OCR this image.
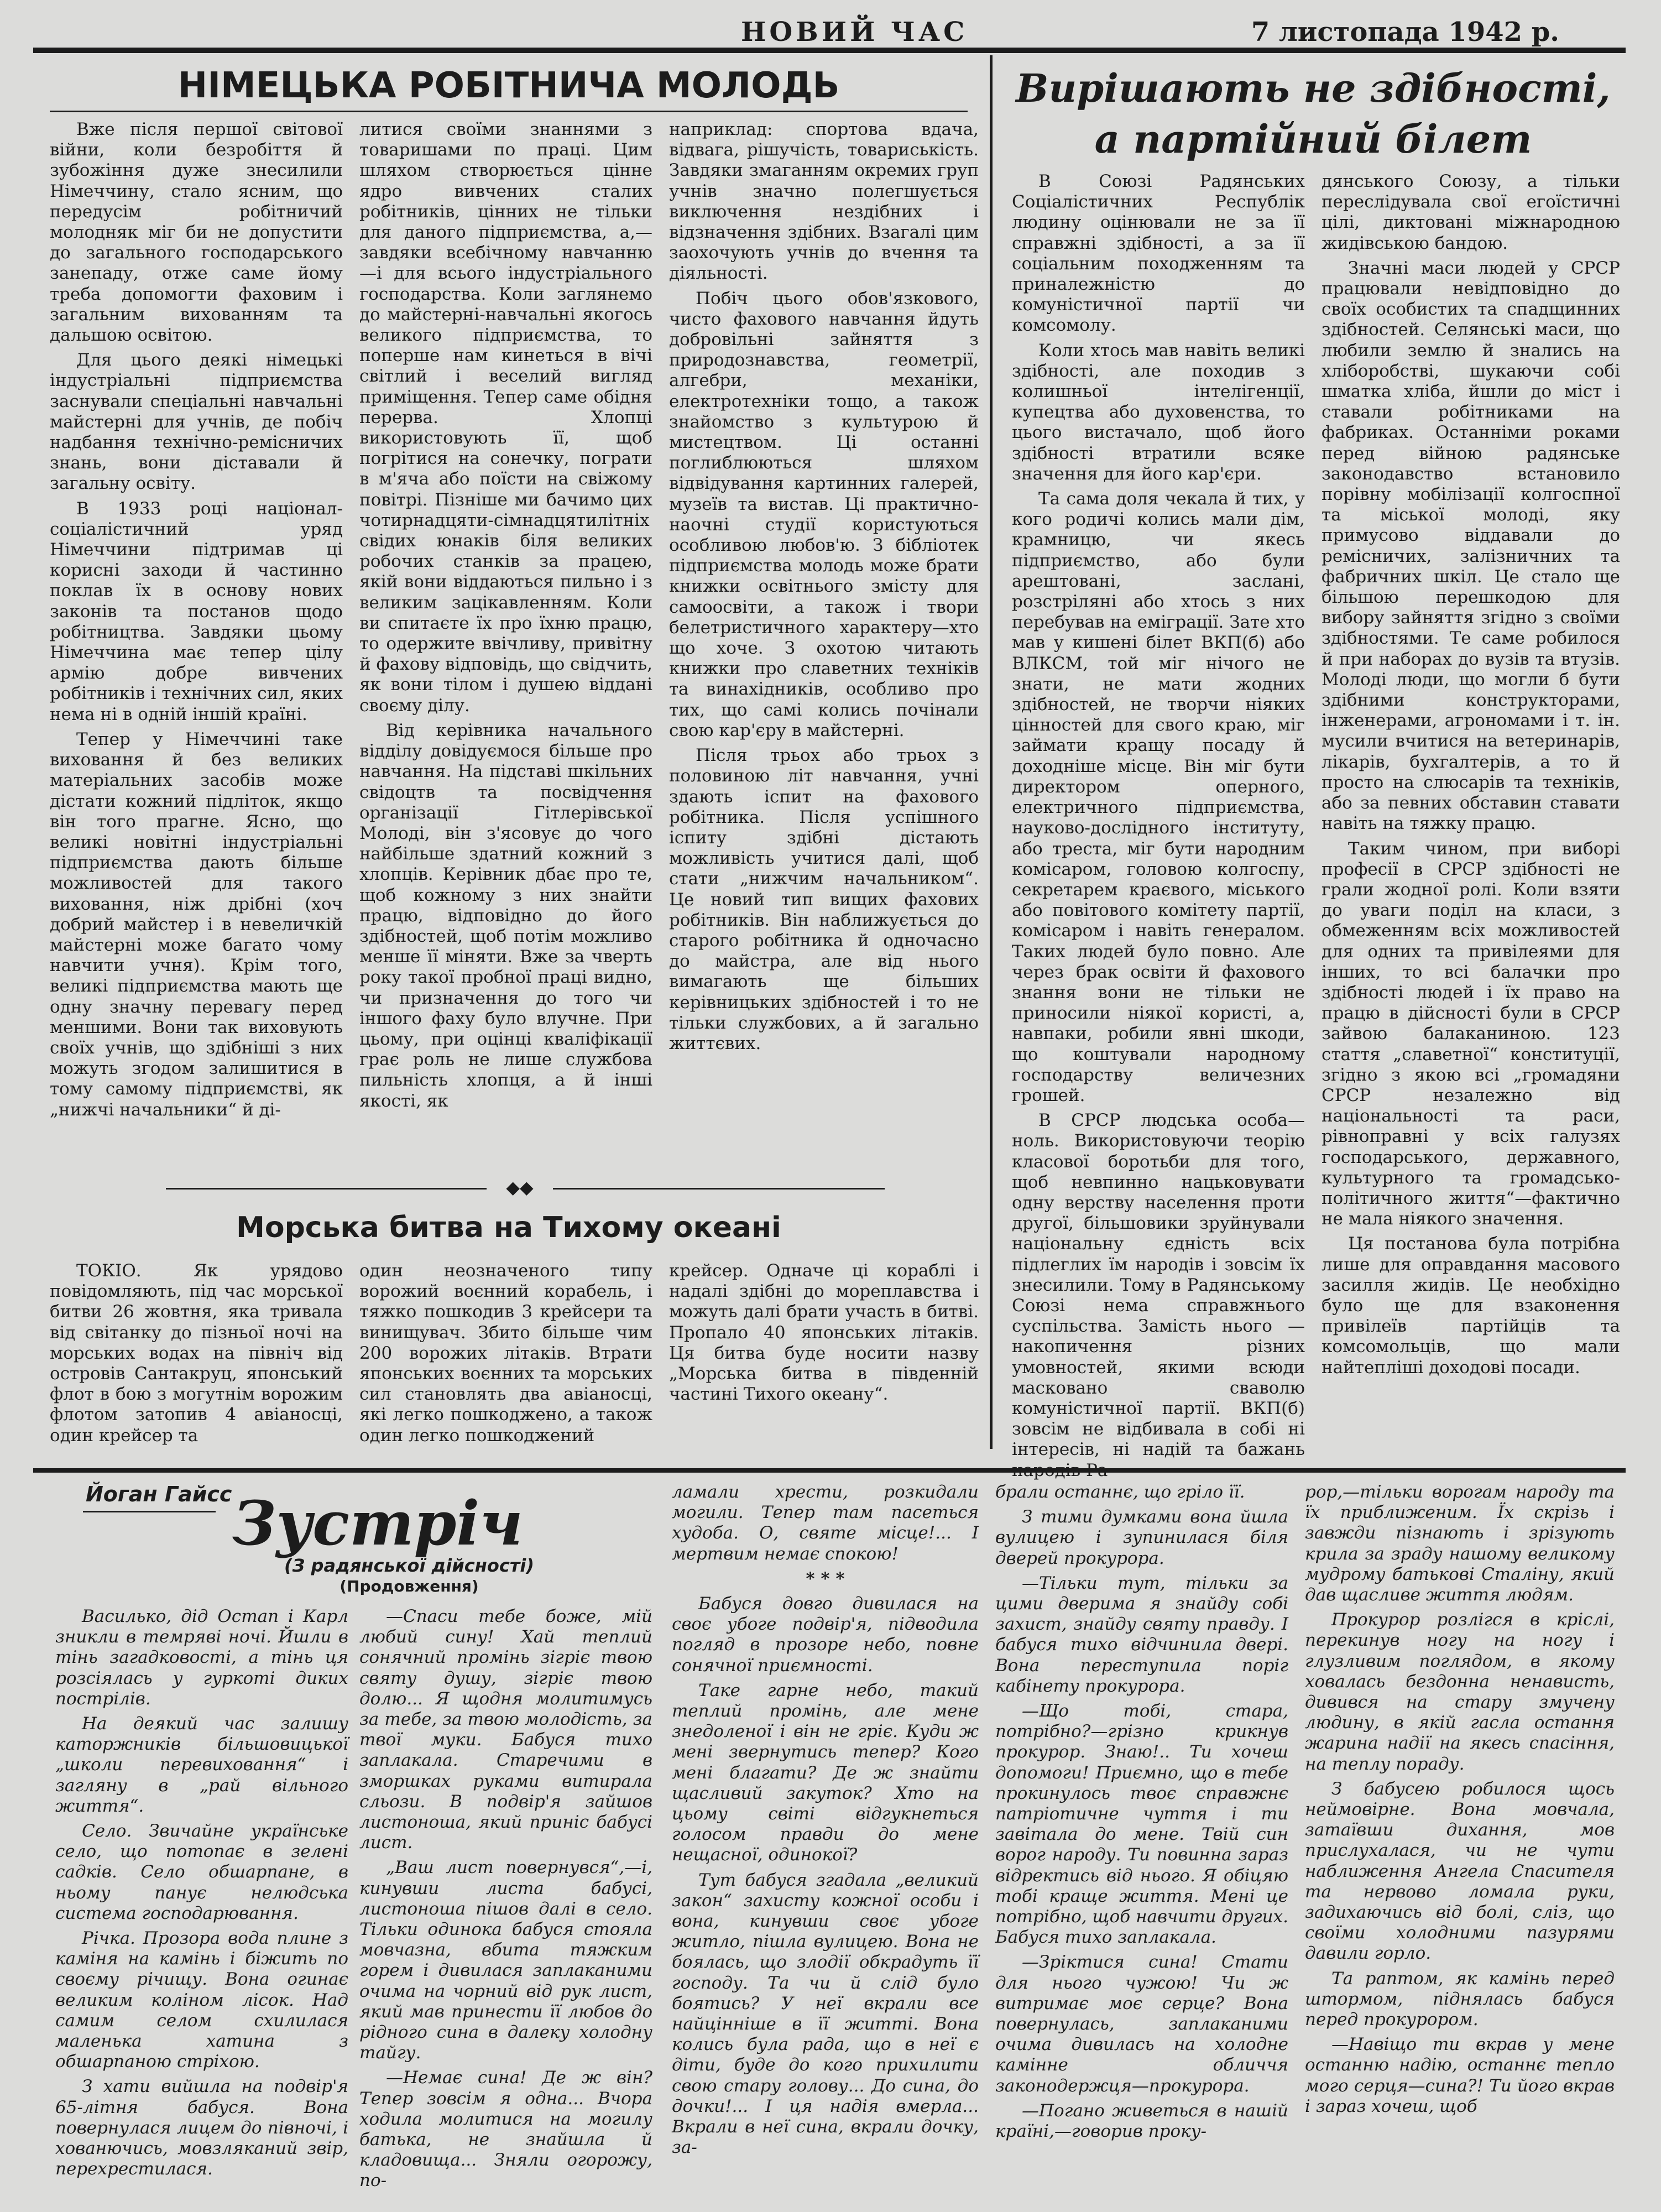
НОВИЙ ЧАС	7 листопада 1942 р.
НІМЕЦЬКА РОБІТНИЧА МОЛОДЬ

Вже після першої світової війни, коли безробіття й зубожіння дуже знесилили Німеччину, стало ясним, що передусім робітничий молодняк міг би не допустити до загального господарського занепаду, отже саме йому треба допомогти фаховим і загальним вихованням та дальшою освітою.

Для цього деякі німецькі індустріальні підприємства заснували спеціальні навчальні майстерні для учнів, де побіч надбання технічно-ремісничих знань, вони діставали й загальну освіту.

В 1933 році націонал-соціалістичний уряд Німеччини підтримав ці корисні заходи й частинно поклав їх в основу нових законів та постанов щодо робітництва. Завдяки цьому Німеччина має тепер цілу армію добре вивчених робітників і технічних сил, яких нема ні в одній іншій країні.

Тепер у Німеччині таке виховання й без великих матеріальних засобів може дістати кожний підліток, якщо він того прагне. Ясно, що великі новітні індустріальні підприємства дають більше можливостей для такого виховання, ніж дрібні (хоч добрий майстер і в невеличкій майстерні може багато чому навчити учня). Крім того, великі підприємства мають ще одну значну перевагу перед меншими. Вони так виховують своїх учнів, що здібніші з них можуть згодом залишитися в тому самому підприємстві, як „нижчі начальники“ й ді-

литися своїми знаннями з товаришами по праці. Цим шляхом створюється цінне ядро вивчених сталих робітників, цінних не тільки для даного підприємства, а,—завдяки всебічному навчанню—і для всього індустріального господарства. Коли заглянемо до майстерні-навчальні якогось великого підприємства, то поперше нам кинеться в вічі світлий і веселий вигляд приміщення. Тепер саме обідня перерва. Хлопці використовують її, щоб погрітися на сонечку, пограти в м'яча або поїсти на свіжому повітрі. Пізніше ми бачимо цих чотирнадцяти-сімнадцятилітніх свідих юнаків біля великих робочих станків за працею, якій вони віддаються пильно і з великим зацікавленням. Коли ви спитаєте їх про їхню працю, то одержите ввічливу, привітну й фахову відповідь, що свідчить, як вони тілом і душею віддані своєму ділу.

Від керівника начального відділу довідуємося більше про навчання. На підставі шкільних свідоцтв та посвідчення організації Гітлерівської Молоді, він з'ясовує до чого найбільше здатний кожний з хлопців. Керівник дбає про те, щоб кожному з них знайти працю, відповідно до його здібностей, щоб потім можливо менше її міняти. Вже за чверть року такої пробної праці видно, чи призначення до того чи іншого фаху було влучне. При цьому, при оцінці кваліфікації грає роль не лише службова пильність хлопця, а й інші якості, як

наприклад: спортова вдача, відвага, рішучість, товариськість. Завдяки змаганням окремих груп учнів значно полегшується виключення нездібних і відзначення здібних. Взагалі цим заохочують учнів до вчення та діяльності.

Побіч цього обов'язкового, чисто фахового навчання йдуть добровільні зайняття з природознавства, геометрії, алгебри, механіки, електротехніки тощо, а також знайомство з культурою й мистецтвом. Ці останні поглиблюються шляхом відвідування картинних галерей, музеїв та вистав. Ці практично-наочні студії користуються особливою любов'ю. З бібліотек підприємства молодь може брати книжки освітнього змісту для самоосвіти, а також і твори белетристичного характеру—хто що хоче. З охотою читають книжки про славетних техніків та винахідників, особливо про тих, що самі колись почінали свою кар'єру в майстерні.

Після трьох або трьох з половиною літ навчання, учні здають іспит на фахового робітника. Після успішного іспиту здібні дістають можливість учитися далі, щоб стати „нижчим начальником“. Це новий тип вищих фахових робітників. Він наближується до старого робітника й одночасно до майстра, але від нього вимагають ще більших керівницьких здібностей і то не тільки службових, а й загально життєвих.

◆◆
Морська битва на Тихому океані

ТОКІО. Як урядово повідомляють, під час морської битви 26 жовтня, яка тривала від світанку до пізньої ночі на морських водах на північ від островів Сантакруц, японський флот в бою з могутнім ворожим флотом затопив 4 авіаносці, один крейсер та

один неозначеного типу ворожий воєнний корабель, і тяжко пошкодив 3 крейсери та винищувач. Збито більше чим 200 ворожих літаків. Втрати японських воєнних та морських сил становлять два авіаносці, які легко пошкоджено, а також один легко пошкоджений

крейсер. Одначе ці кораблі і надалі здібні до мореплавства і можуть далі брати участь в битві. Пропало 40 японських літаків. Ця битва буде носити назву „Морська битва в південній частині Тихого океану“.

Вирішають не здібності,
а партійний білет

В Союзі Радянських Соціалістичних Республік людину оцінювали не за її справжні здібності, а за її соціальним походженням та приналежністю до комуністичної партії чи комсомолу.

Коли хтось мав навіть великі здібності, але походив з колишньої інтелігенції, купецтва або духовенства, то цього вистачало, щоб його здібності втратили всяке значення для його кар'єри.

Та сама доля чекала й тих, у кого родичі колись мали дім, крамницю, чи якесь підприємство, або були арештовані, заслані, розстріляні або хтось з них перебував на еміграції. Зате хто мав у кишені білет ВКП(б) або ВЛКСМ, той міг нічого не знати, не мати жодних здібностей, не творчи ніяких цінностей для свого краю, міг займати кращу посаду й доходніше місце. Він міг бути директором оперного, електричного підприємства, науково-дослідного інституту, або треста, міг бути народним комісаром, головою колгоспу, секретарем краєвого, міського або повітового комітету партії, комісаром і навіть генералом. Таких людей було повно. Але через брак освіти й фахового знання вони не тільки не приносили ніякої користі, а, навпаки, робили явні шкоди, що коштували народному господарству величезних грошей.

В СРСР людська особа—ноль. Використовуючи теорію класової боротьби для того, щоб невпинно нацьковувати одну верству населення проти другої, більшовики зруйнували національну єдність всіх підлеглих їм народів і зовсім їх знесилили. Тому в Радянському Союзі нема справжнього суспільства. Замість нього — накопичення різних умовностей, якими всюди масковано сваволю комуністичної партії. ВКП(б) зовсім не відбивала в собі ні інтересів, ні надій та бажань

дянського Союзу, а тільки переслідувала свої егоїстичні цілі, диктовані міжнародною жидівською бандою.

Значні маси людей у СРСР працювали невідповідно до своїх особистих та спадщинних здібностей. Селянські маси, що любили землю й знались на хліборобстві, шукаючи собі шматка хліба, йшли до міст і ставали робітниками на фабриках. Останніми роками перед війною радянське законодавство встановило порівну мобілізації колгоспної та міської молоді, яку примусово віддавали до ремісничих, залізничних та фабричних шкіл. Це стало ще більшою перешкодою для вибору зайняття згідно з своїми здібностями. Те саме робилося й при наборах до вузів та втузів. Молоді люди, що могли б бути здібними конструкторами, інженерами, агрономами і т. ін. мусили вчитися на ветеринарів, лікарів, бухгалтерів, а то й просто на слюсарів та техніків, або за певних обставин ставати навіть на тяжку працю.

Таким чином, при виборі професії в СРСР здібності не грали жодної ролі. Коли взяти до уваги поділ на класи, з обмеженням всіх можливостей для одних та привілеями для інших, то всі балачки про здібності людей і їх право на працю в дійсності були в СРСР зайвою балаканиною. 123 стаття „славетної“ конституції, згідно з якою всі „громадяни СРСР незалежно від національності та раси, рівноправні у всіх галузях господарського, державного, культурного та громадсько-політичного життя“—фактично не мала ніякого значення.

Ця постанова була потрібна лише для оправдання масового засилля жидів. Це необхідно було ще для взаконення привілеїв партійців та комсомольців, що мали найтепліші доходові посади.

Йоган Гайсс Зустріч
(З радянської дійсності)
(Продовження)

Василько, дід Остап і Карл зникли в темряві ночі. Йшли в тінь загадковості, а тінь ця розсіялась у гуркоті диких пострілів.

На деякий час залишу каторжників більшовицької „школи перевиховання“ і загляну в „рай вільного життя“.

Село. Звичайне українське село, що потопає в зелені садків. Село обшарпане, в ньому панує нелюдська система господарювання.

Річка. Прозора вода плине з каміня на камінь і біжить по своєму річищу. Вона огинає великим коліном лісок. Над самим селом схилилася маленька хатина з обшарпаною стріхою.

З хати вийшла на подвір'я 65-літня бабуся. Вона повернулася лицем до півночі, і хованючись, мовзляканий звір, перехрестилася.

—Спаси тебе боже, мій любий сину! Хай теплий сонячний промінь зігріє твою святу душу, зігріє твою долю... Я щодня молитимусь за тебе, за твою молодість, за твої муки. Бабуся тихо заплакала. Старечими в зморшках руками витирала сльози. В подвір'я зайшов листоноша, який приніс бабусі лист.

„Ваш лист повернувся“,—і, кинувши листа бабусі, листоноша пішов далі в село. Тільки одинока бабуся стояла мовчазна, вбита тяжким горем і дивилася заплаканими очима на чорний від рук лист, який мав принести її любов до рідного сина в далеку холодну тайгу.

—Немає сина! Де ж він? Тепер зовсім я одна... Вчора ходила молитися на могилу батька, не знайшла й кладовища... Зняли огорожу, по-

ламали хрести, розкидали могили. Тепер там пасеться худоба. О, святе місце!... І мертвим немає спокою!

* * *

Бабуся довго дивилася на своє убоге подвір'я, підводила погляд в прозоре небо, повне сонячної приємності.

Таке гарне небо, такий теплий промінь, але мене знедоленої і він не гріє. Куди ж мені звернутись тепер? Кого мені благати? Де ж знайти щасливий закуток? Хто на цьому світі відгукнеться голосом правди до мене нещасної, одинокої?

Тут бабуся згадала „великий закон“ захисту кожної особи і вона, кинувши своє убоге житло, пішла вулицею. Вона не боялась, що злодії обкрадуть її господу. Та чи й слід було боятись? У неї вкрали все найцінніше в її житті. Вона колись була рада, що в неї є діти, буде до кого прихилити свою стару голову... До сина, до дочки!... І ця надія вмерла... Вкрали в неї сина, вкрали дочку, за-

брали останнє, що гріло її.

З тими думками вона йшла вулицею і зупинилася біля дверей прокурора.

—Тільки тут, тільки за цими дверима я знайду собі захист, знайду святу правду. І бабуся тихо відчинила двері. Вона переступила поріг кабінету прокурора.

—Що тобі, стара, потрібно?—грізно крикнув прокурор. Знаю!.. Ти хочеш допомоги! Приємно, що в тебе прокинулось твоє справжнє патріотичне чуття і ти завітала до мене. Твій син ворог народу. Ти повинна зараз відректись від нього. Я обіцяю тобі краще життя. Мені це потрібно, щоб навчити других. Бабуся тихо заплакала.

—Зріктися сина! Стати для нього чужою! Чи ж витримає моє серце? Вона повернулась, заплаканими очима дивилась на холодне камінне обличчя законодержця—прокурора.

—Погано живеться в нашій країні,—говорив проку-

рор,—тільки ворогам народу та їх приближеним. Їх скрізь і завжди пізнають і зрізують крила за зраду нашому великому мудрому батькові Сталіну, який дав щасливе життя людям.

Прокурор розлігся в кріслі, перекинув ногу на ногу і глузливим поглядом, в якому ховалась бездонна ненависть, дивився на стару змучену людину, в якій гасла остання жарина надії на якесь спасіння, на теплу пораду.

З бабусею робилося щось неймовірне. Вона мовчала, затаївши дихання, мов прислухалася, чи не чути наближення Ангела Спасителя та нервово ломала руки, задихаючись від болі, сліз, що своїми холодними пазурями давили горло.

Та раптом, як камінь перед штормом, піднялась бабуся перед прокурором.

—Навіщо ти вкрав у мене останню надію, останнє тепло мого серця—сина?! Ти його вкрав і зараз хочеш, щоб
